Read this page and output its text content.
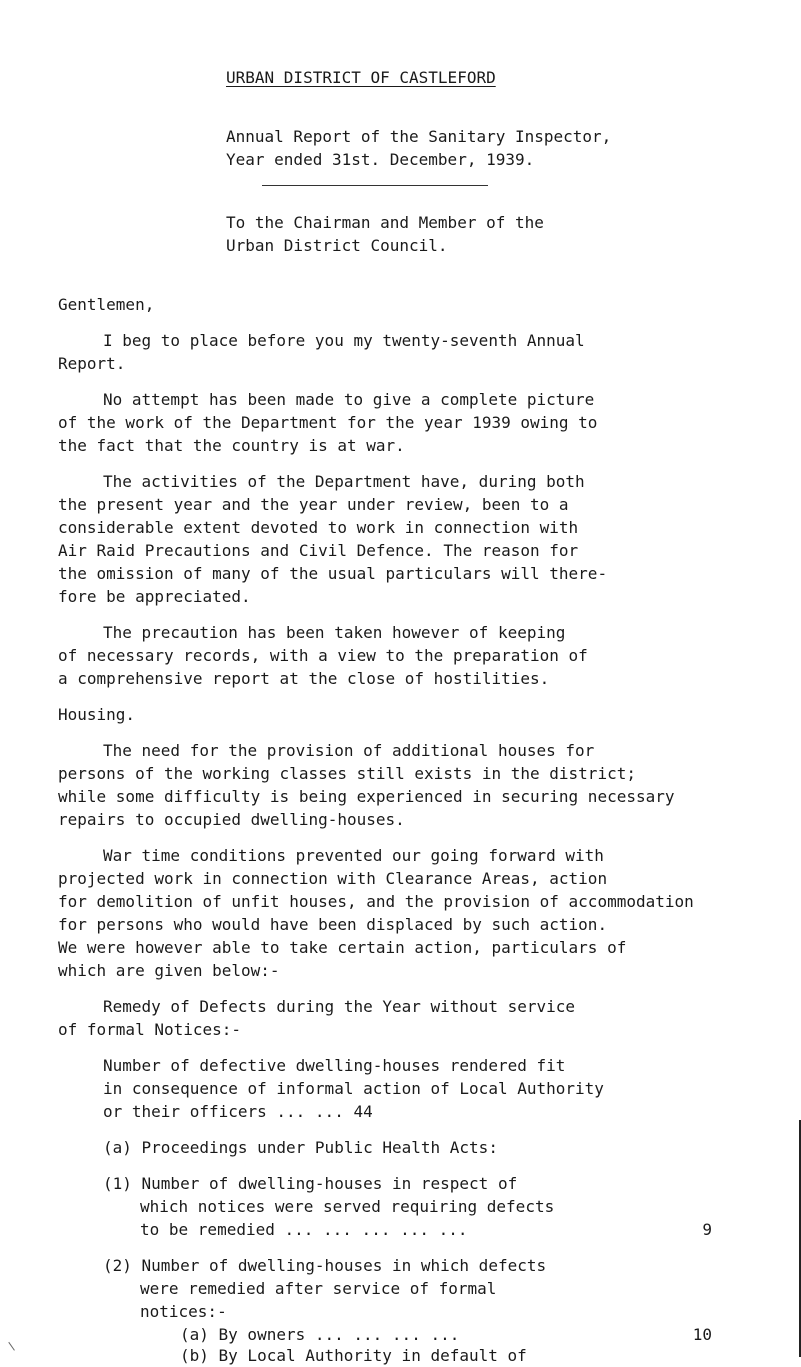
URBAN DISTRICT OF CASTLEFORD

Annual Report of the Sanitary Inspector,

Year ended 31st. December, 1939.

To the Chairman and Member of the

Urban District Council.

Gentlemen,

I beg to place before you my twenty-seventh Annual

Report.

No attempt has been made to give a complete picture

of the work of the Department for the year 1939 owing to

the fact that the country is at war.

The activities of the Department have, during both

the present year and the year under review, been to a

considerable extent devoted to work in connection with

Air Raid Precautions and Civil Defence. The reason for

the omission of many of the usual particulars will there-

fore be appreciated.

The precaution has been taken however of keeping

of necessary records, with a view to the preparation of

a comprehensive report at the close of hostilities.

Housing.

The need for the provision of additional houses for

persons of the working classes still exists in the district;

while some difficulty is being experienced in securing necessary

repairs to occupied dwelling-houses.

War time conditions prevented our going forward with

projected work in connection with Clearance Areas, action

for demolition of unfit houses, and the provision of accommodation

for persons who would have been displaced by such action.

We were however able to take certain action, particulars of

which are given below:-

Remedy of Defects during the Year without service

of formal Notices:-

Number of defective dwelling-houses rendered fit

in consequence of informal action of Local Authority

or their officers ... ... 44

(a) Proceedings under Public Health Acts:

(1) Number of dwelling-houses in respect of

which notices were served requiring defects

to be remedied ... ... ... ... ...	9

(2) Number of dwelling-houses in which defects

were remedied after service of formal

notices:-

(a) By owners ... ... ... ...	10

(b) By Local Authority in default of
